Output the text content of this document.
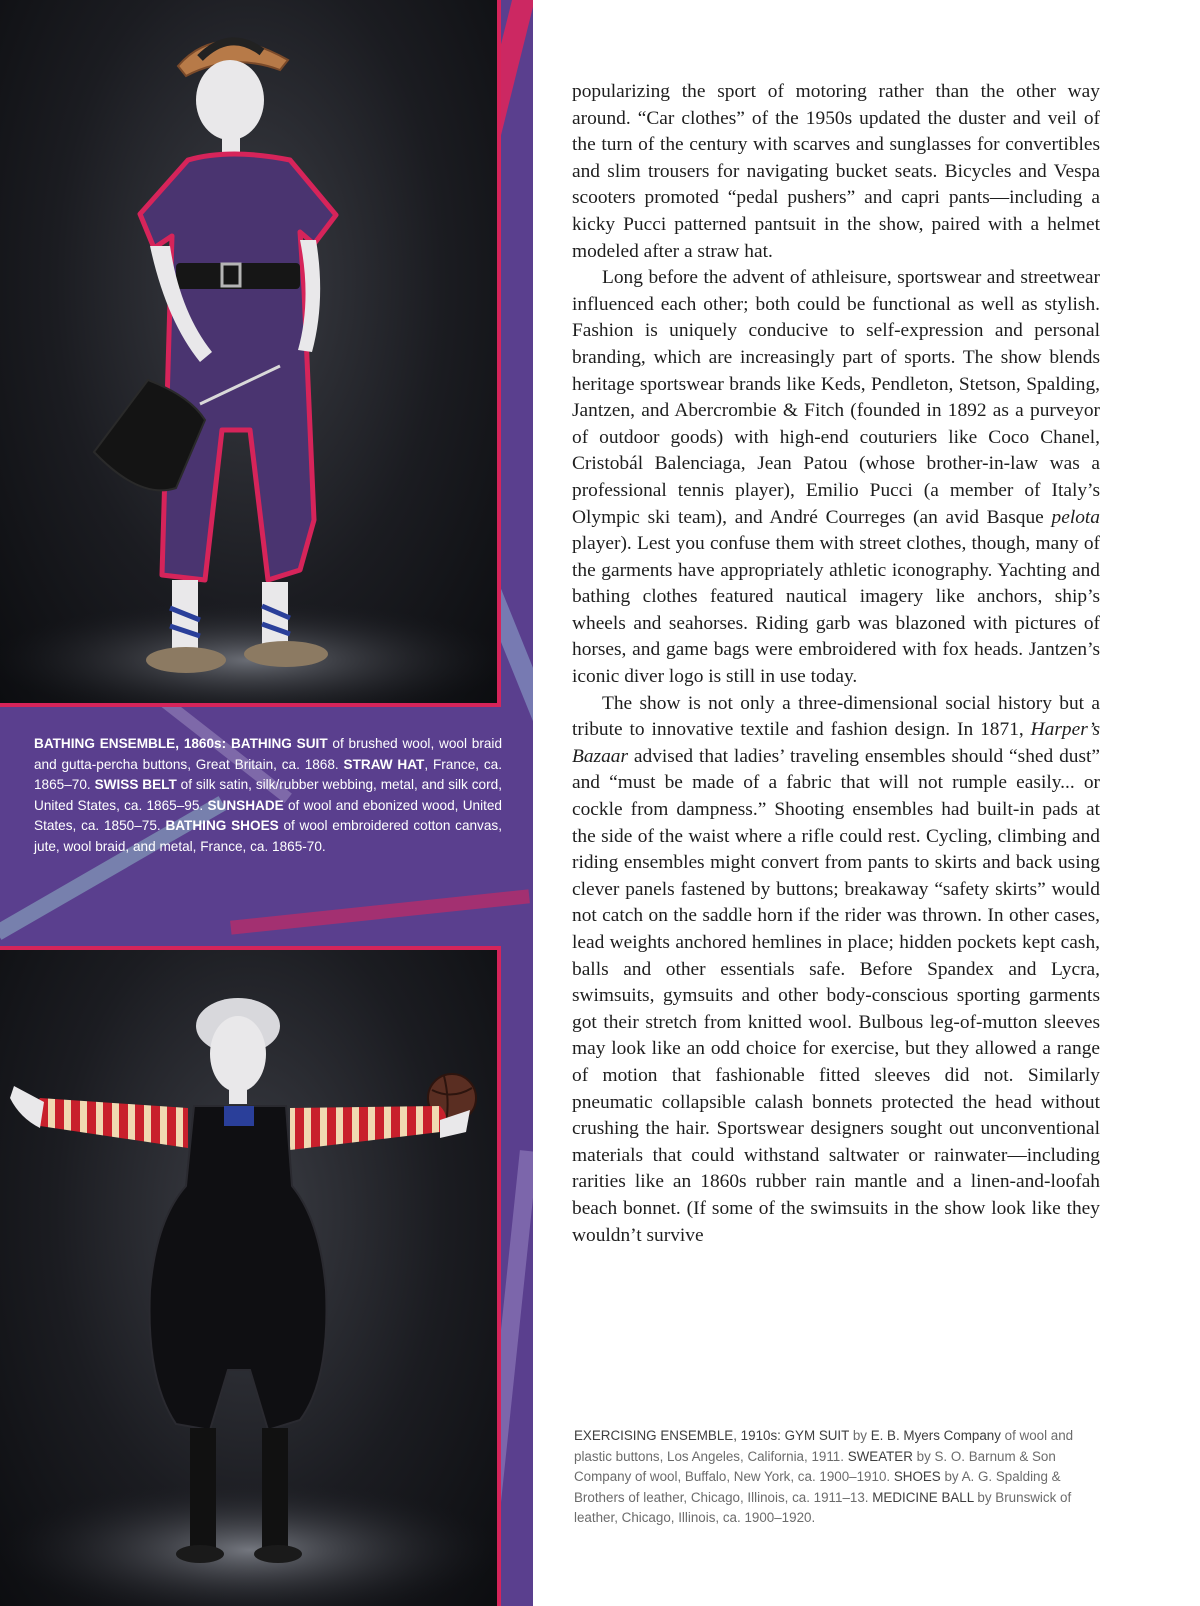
BATHING ENSEMBLE, 1860s: BATHING SUIT of brushed wool, wool braid and gutta-percha buttons, Great Britain, ca. 1868. STRAW HAT, France, ca. 1865–70. SWISS BELT of silk satin, silk/rubber webbing, metal, and silk cord, United States, ca. 1865–95. SUNSHADE of wool and ebonized wood, United States, ca. 1850–75. BATHING SHOES of wool embroidered cotton canvas, jute, wool braid, and metal, France, ca. 1865-70.

popularizing the sport of motoring rather than the other way around. “Car clothes” of the 1950s updated the duster and veil of the turn of the century with scarves and sunglasses for convertibles and slim trousers for navigating bucket seats. Bicycles and Vespa scooters promoted “pedal pushers” and capri pants—including a kicky Pucci patterned pantsuit in the show, paired with a helmet modeled after a straw hat.

Long before the advent of athleisure, sportswear and streetwear influenced each other; both could be functional as well as stylish. Fashion is uniquely conducive to self-expression and personal branding, which are increasingly part of sports. The show blends heritage sportswear brands like Keds, Pendleton, Stetson, Spalding, Jantzen, and Abercrombie & Fitch (founded in 1892 as a purveyor of outdoor goods) with high-end couturiers like Coco Chanel, Cristobál Balenciaga, Jean Patou (whose brother-in-law was a professional tennis player), Emilio Pucci (a member of Italy’s Olympic ski team), and André Courreges (an avid Basque pelota player). Lest you confuse them with street clothes, though, many of the garments have appropriately athletic iconography. Yachting and bathing clothes featured nautical imagery like anchors, ship’s wheels and seahorses. Riding garb was blazoned with pictures of horses, and game bags were embroidered with fox heads. Jantzen’s iconic diver logo is still in use today.

The show is not only a three-dimensional social history but a tribute to innovative textile and fashion design. In 1871, Harper’s Bazaar advised that ladies’ traveling ensembles should “shed dust” and “must be made of a fabric that will not rumple easily... or cockle from dampness.” Shooting ensembles had built-in pads at the side of the waist where a rifle could rest. Cycling, climbing and riding ensembles might convert from pants to skirts and back using clever panels fastened by buttons; breakaway “safety skirts” would not catch on the saddle horn if the rider was thrown. In other cases, lead weights anchored hemlines in place; hidden pockets kept cash, balls and other essentials safe. Before Spandex and Lycra, swimsuits, gymsuits and other body-conscious sporting garments got their stretch from knitted wool. Bulbous leg-of-mutton sleeves may look like an odd choice for exercise, but they allowed a range of motion that fashionable fitted sleeves did not. Similarly pneumatic collapsible calash bonnets protected the head without crushing the hair. Sportswear designers sought out unconventional materials that could withstand saltwater or rainwater—including rarities like an 1860s rubber rain mantle and a linen-and-loofah beach bonnet. (If some of the swimsuits in the show look like they wouldn’t survive

EXERCISING ENSEMBLE, 1910s: GYM SUIT by E. B. Myers Company of wool and plastic buttons, Los Angeles, California, 1911. SWEATER by S. O. Barnum & Son Company of wool, Buffalo, New York, ca. 1900–1910. SHOES by A. G. Spalding & Brothers of leather, Chicago, Illinois, ca. 1911–13. MEDICINE BALL by Brunswick of leather, Chicago, Illinois, ca. 1900–1920.
